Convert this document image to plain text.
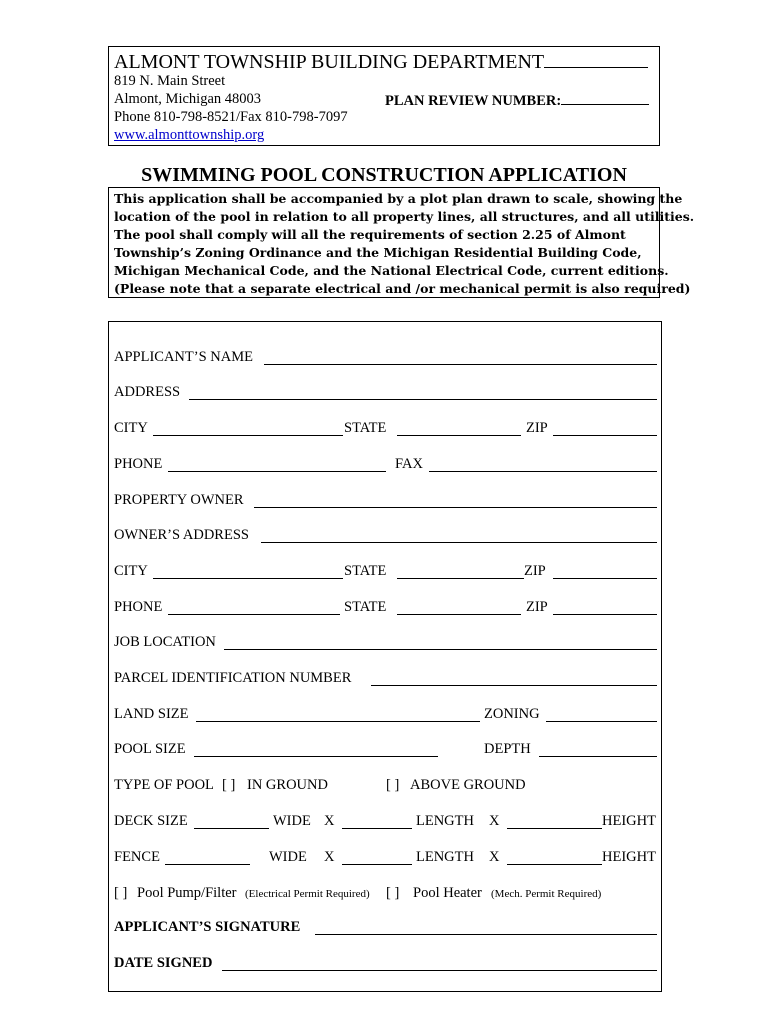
ALMONT TOWNSHIP BUILDING DEPARTMENT
819 N. Main Street
Almont, Michigan 48003
Phone 810-798-8521/Fax 810-798-7097
www.almonttownship.org
PLAN REVIEW NUMBER:
SWIMMING POOL CONSTRUCTION APPLICATION
This application shall be accompanied by a plot plan drawn to scale, showing the
location of the pool in relation to all property lines, all structures, and all utilities.
The pool shall comply will all the requirements of section 2.25 of Almont
Township’s Zoning Ordinance and the Michigan Residential Building Code,
Michigan Mechanical Code, and the National Electrical Code, current editions.
(Please note that a separate electrical and /or mechanical permit is also required)
APPLICANT’S NAME
ADDRESS
CITY	STATE	ZIP
PHONE	FAX
PROPERTY OWNER
OWNER’S ADDRESS
CITY	STATE	ZIP
PHONE	STATE	ZIP
JOB LOCATION
PARCEL IDENTIFICATION NUMBER
LAND SIZE	ZONING
POOL SIZE	DEPTH
TYPE OF POOL [ ] IN GROUND	[ ] ABOVE GROUND
DECK SIZE	WIDE X	LENGTH X	HEIGHT
FENCE	WIDE X	LENGTH X	HEIGHT
[ ] Pool Pump/Filter (Electrical Permit Required) [ ] Pool Heater (Mech. Permit Required)
APPLICANT’S SIGNATURE
DATE SIGNED
